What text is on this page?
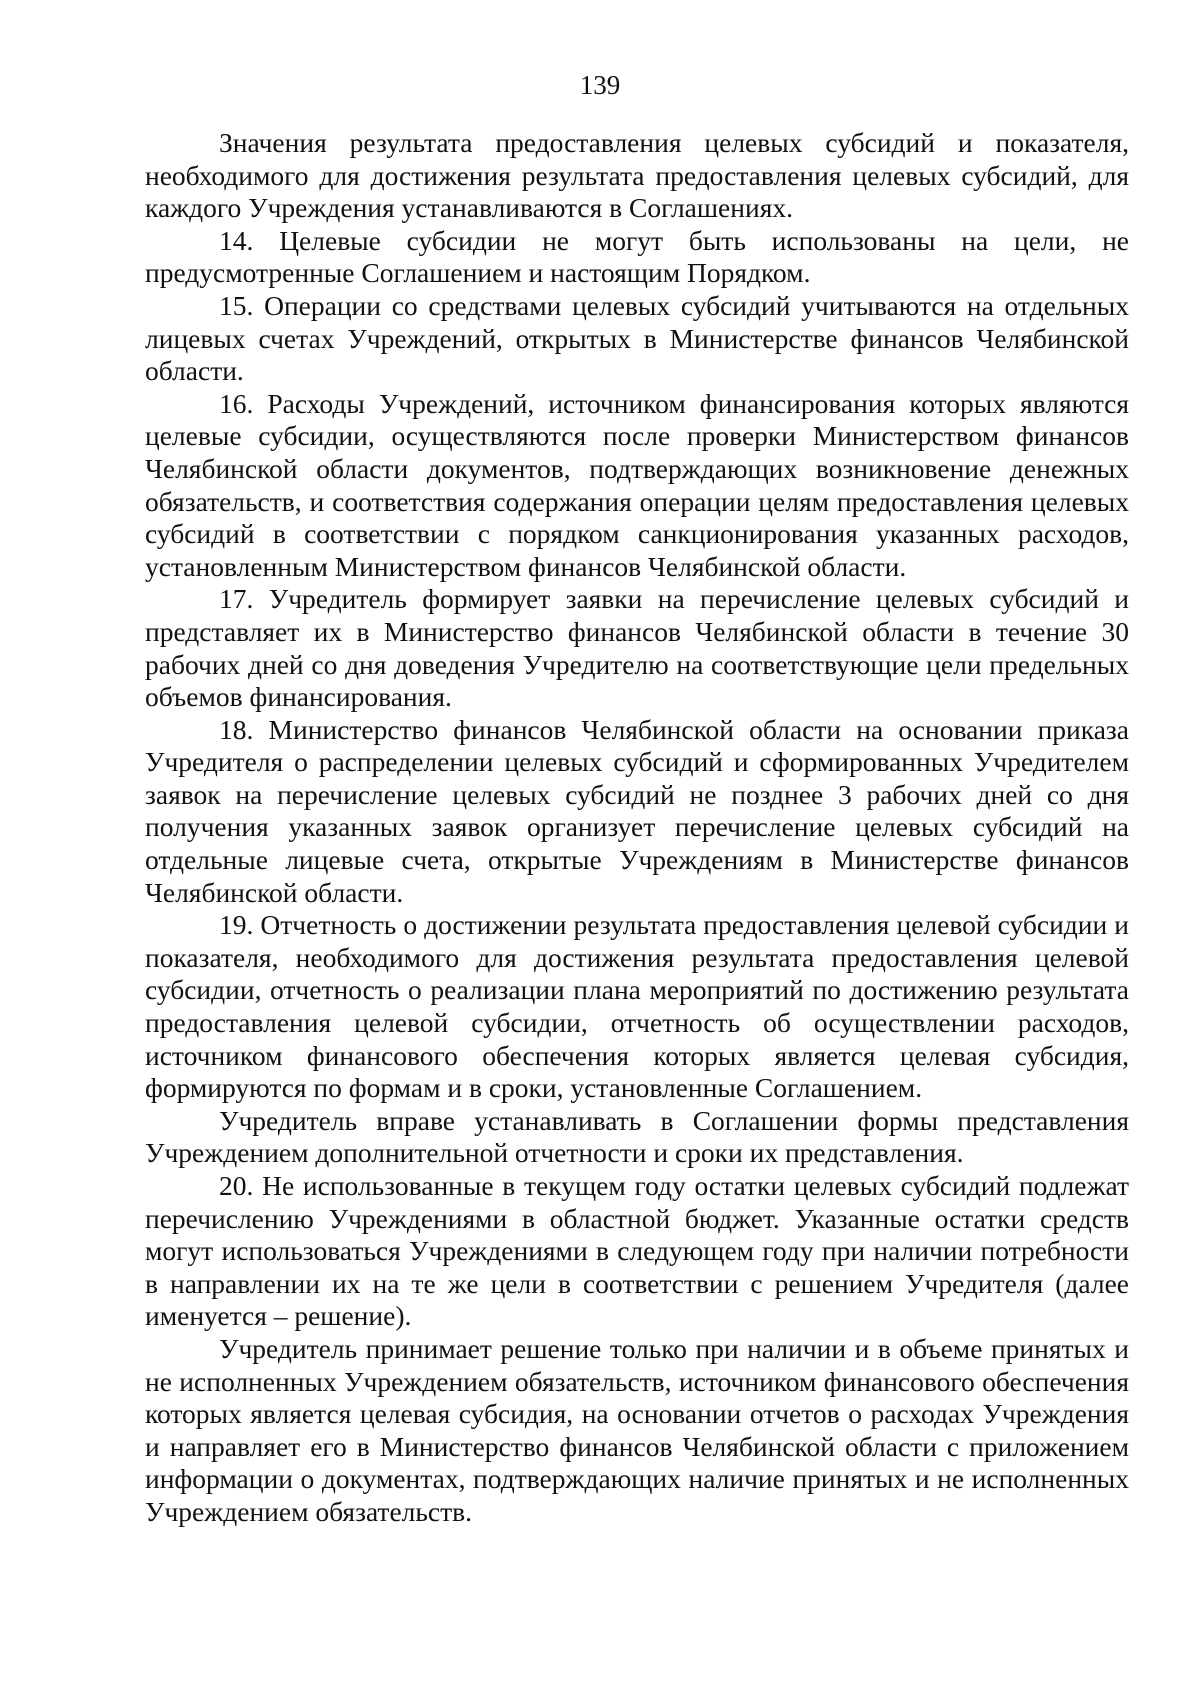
139

Значения результата предоставления целевых субсидий и показателя, необходимого для достижения результата предоставления целевых субсидий, для каждого Учреждения устанавливаются в Соглашениях.

14. Целевые субсидии не могут быть использованы на цели, не предусмотренные Соглашением и настоящим Порядком.

15. Операции со средствами целевых субсидий учитываются на отдельных лицевых счетах Учреждений, открытых в Министерстве финансов Челябинской области.

16. Расходы Учреждений, источником финансирования которых являются целевые субсидии, осуществляются после проверки Министерством финансов Челябинской области документов, подтверждающих возникновение денежных обязательств, и соответствия содержания операции целям предоставления целевых субсидий в соответствии с порядком санкционирования указанных расходов, установленным Министерством финансов Челябинской области.

17. Учредитель формирует заявки на перечисление целевых субсидий и представляет их в Министерство финансов Челябинской области в течение 30 рабочих дней со дня доведения Учредителю на соответствующие цели предельных объемов финансирования.

18. Министерство финансов Челябинской области на основании приказа Учредителя о распределении целевых субсидий и сформированных Учредителем заявок на перечисление целевых субсидий не позднее 3 рабочих дней со дня получения указанных заявок организует перечисление целевых субсидий на отдельные лицевые счета, открытые Учреждениям в Министерстве финансов Челябинской области.

19. Отчетность о достижении результата предоставления целевой субсидии и показателя, необходимого для достижения результата предоставления целевой субсидии, отчетность о реализации плана мероприятий по достижению результата предоставления целевой субсидии, отчетность об осуществлении расходов, источником финансового обеспечения которых является целевая субсидия, формируются по формам и в сроки, установленные Соглашением.

Учредитель вправе устанавливать в Соглашении формы представления Учреждением дополнительной отчетности и сроки их представления.

20. Не использованные в текущем году остатки целевых субсидий подлежат перечислению Учреждениями в областной бюджет. Указанные остатки средств могут использоваться Учреждениями в следующем году при наличии потребности в направлении их на те же цели в соответствии с решением Учредителя (далее именуется – решение).

Учредитель принимает решение только при наличии и в объеме принятых и не исполненных Учреждением обязательств, источником финансового обеспечения которых является целевая субсидия, на основании отчетов о расходах Учреждения и направляет его в Министерство финансов Челябинской области с приложением информации о документах, подтверждающих наличие принятых и не исполненных Учреждением обязательств.
